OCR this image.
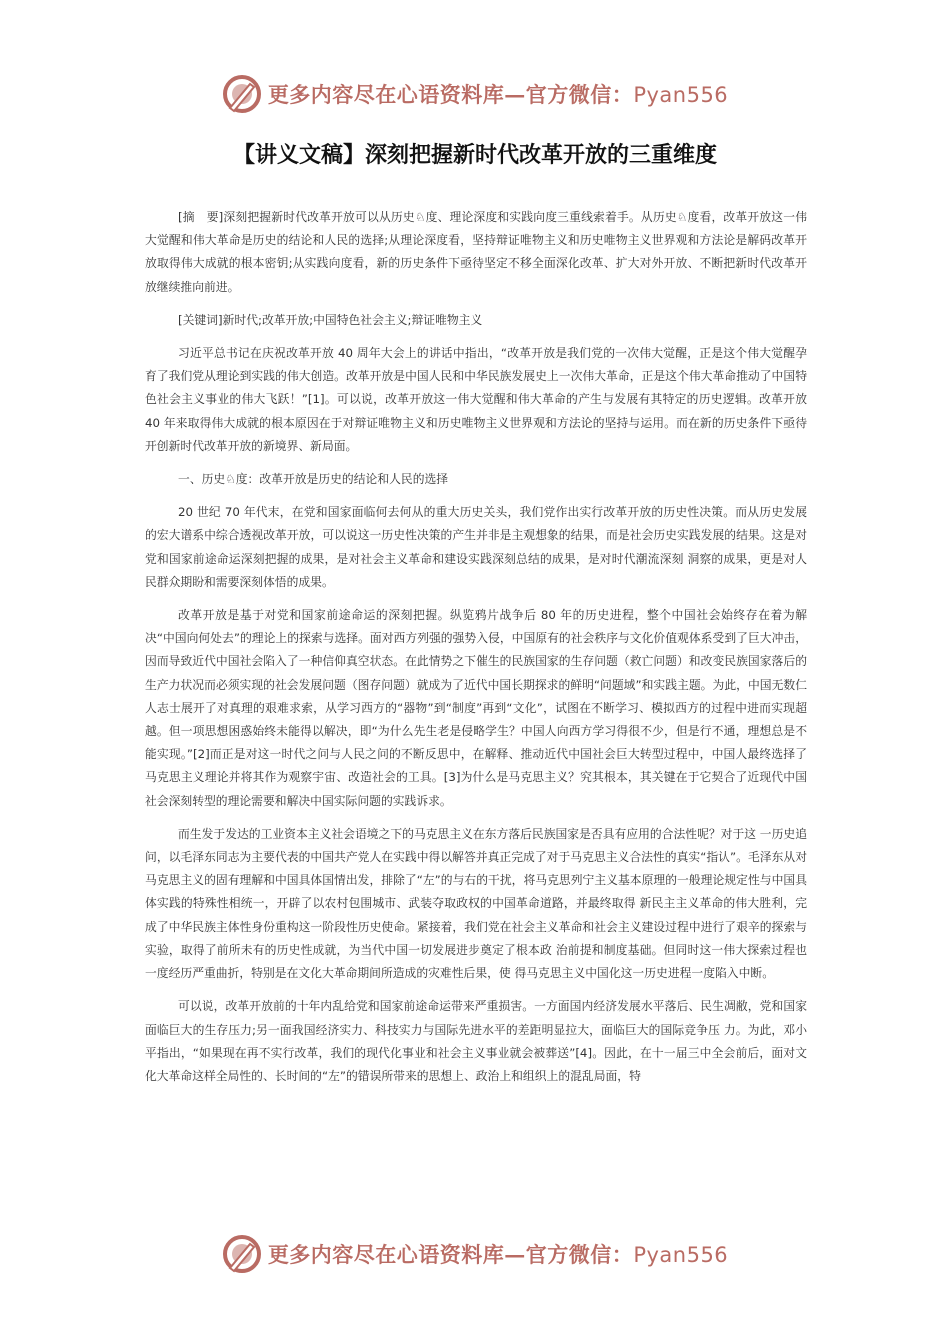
更多内容尽在心语资料库—官方微信：Pyan556
【讲义文稿】深刻把握新时代改革开放的三重维度

[摘　要]深刻把握新时代改革开放可以从历史♘度、理论深度和实践向度三重线索着手。从历史♘度看，改革开放这一伟大觉醒和伟大革命是历史的结论和人民的选择;从理论深度看，坚持辩证唯物主义和历史唯物主义世界观和方法论是解码改革开放取得伟大成就的根本密钥;从实践向度看，新的历史条件下亟待坚定不移全面深化改革、扩大对外开放、不断把新时代改革开放继续推向前进。

[关键词]新时代;改革开放;中国特色社会主义;辩证唯物主义

习近平总书记在庆祝改革开放 40 周年大会上的讲话中指出，“改革开放是我们党的一次伟大觉醒，正是这个伟大觉醒孕育了我们党从理论到实践的伟大创造。改革开放是中国人民和中华民族发展史上一次伟大革命，正是这个伟大革命推动了中国特色社会主义事业的伟大飞跃！”[1]。可以说，改革开放这一伟大觉醒和伟大革命的产生与发展有其特定的历史逻辑。改革开放 40 年来取得伟大成就的根本原因在于对辩证唯物主义和历史唯物主义世界观和方法论的坚持与运用。而在新的历史条件下亟待开创新时代改革开放的新境界、新局面。

一、历史♘度：改革开放是历史的结论和人民的选择

20 世纪 70 年代末，在党和国家面临何去何从的重大历史关头，我们党作出实行改革开放的历史性决策。而从历史发展的宏大谱系中综合透视改革开放，可以说这一历史性决策的产生并非是主观想象的结果，而是社会历史实践发展的结果。这是对党和国家前途命运深刻把握的成果，是对社会主义革命和建设实践深刻总结的成果，是对时代潮流深刻 洞察的成果，更是对人民群众期盼和需要深刻体悟的成果。

改革开放是基于对党和国家前途命运的深刻把握。纵览鸦片战争后 80 年的历史进程，整个中国社会始终存在着为解决“中国向何处去”的理论上的探索与选择。面对西方列强的强势入侵，中国原有的社会秩序与文化价值观体系受到了巨大冲击，因而导致近代中国社会陷入了一种信仰真空状态。在此情势之下催生的民族国家的生存问题（救亡问题）和改变民族国家落后的生产力状况而必须实现的社会发展问题（图存问题）就成为了近代中国长期探求的鲜明“问题域”和实践主题。为此，中国无数仁人志士展开了对真理的艰难求索，从学习西方的“器物”到“制度”再到“文化”，试图在不断学习、模拟西方的过程中进而实现超越。但一项思想困惑始终未能得以解决，即“为什么先生老是侵略学生？中国人向西方学习得很不少，但是行不通，理想总是不能实现。”[2]而正是对这一时代之问与人民之问的不断反思中，在解释、推动近代中国社会巨大转型过程中，中国人最终选择了马克思主义理论并将其作为观察宇宙、改造社会的工具。[3]为什么是马克思主义？究其根本，其关键在于它契合了近现代中国社会深刻转型的理论需要和解决中国实际问题的实践诉求。

而生发于发达的工业资本主义社会语境之下的马克思主义在东方落后民族国家是否具有应用的合法性呢？对于这 一历史追问，以毛泽东同志为主要代表的中国共产党人在实践中得以解答并真正完成了对于马克思主义合法性的真实“指认”。毛泽东从对马克思主义的固有理解和中国具体国情出发，排除了“左”的与右的干扰，将马克思列宁主义基本原理的一般理论规定性与中国具体实践的特殊性相统一，开辟了以农村包围城市、武装夺取政权的中国革命道路，并最终取得 新民主主义革命的伟大胜利，完成了中华民族主体性身份重构这一阶段性历史使命。紧接着，我们党在社会主义革命和社会主义建设过程中进行了艰辛的探索与实验，取得了前所未有的历史性成就，为当代中国一切发展进步奠定了根本政 治前提和制度基础。但同时这一伟大探索过程也一度经历严重曲折，特别是在文化大革命期间所造成的灾难性后果，使 得马克思主义中国化这一历史进程一度陷入中断。

可以说，改革开放前的十年内乱给党和国家前途命运带来严重损害。一方面国内经济发展水平落后、民生凋敝，党和国家面临巨大的生存压力;另一面我国经济实力、科技实力与国际先进水平的差距明显拉大，面临巨大的国际竞争压 力。为此，邓小平指出，“如果现在再不实行改革，我们的现代化事业和社会主义事业就会被葬送”[4]。因此，在十一届三中全会前后，面对文化大革命这样全局性的、长时间的“左”的错误所带来的思想上、政治上和组织上的混乱局面，特

更多内容尽在心语资料库—官方微信：Pyan556
